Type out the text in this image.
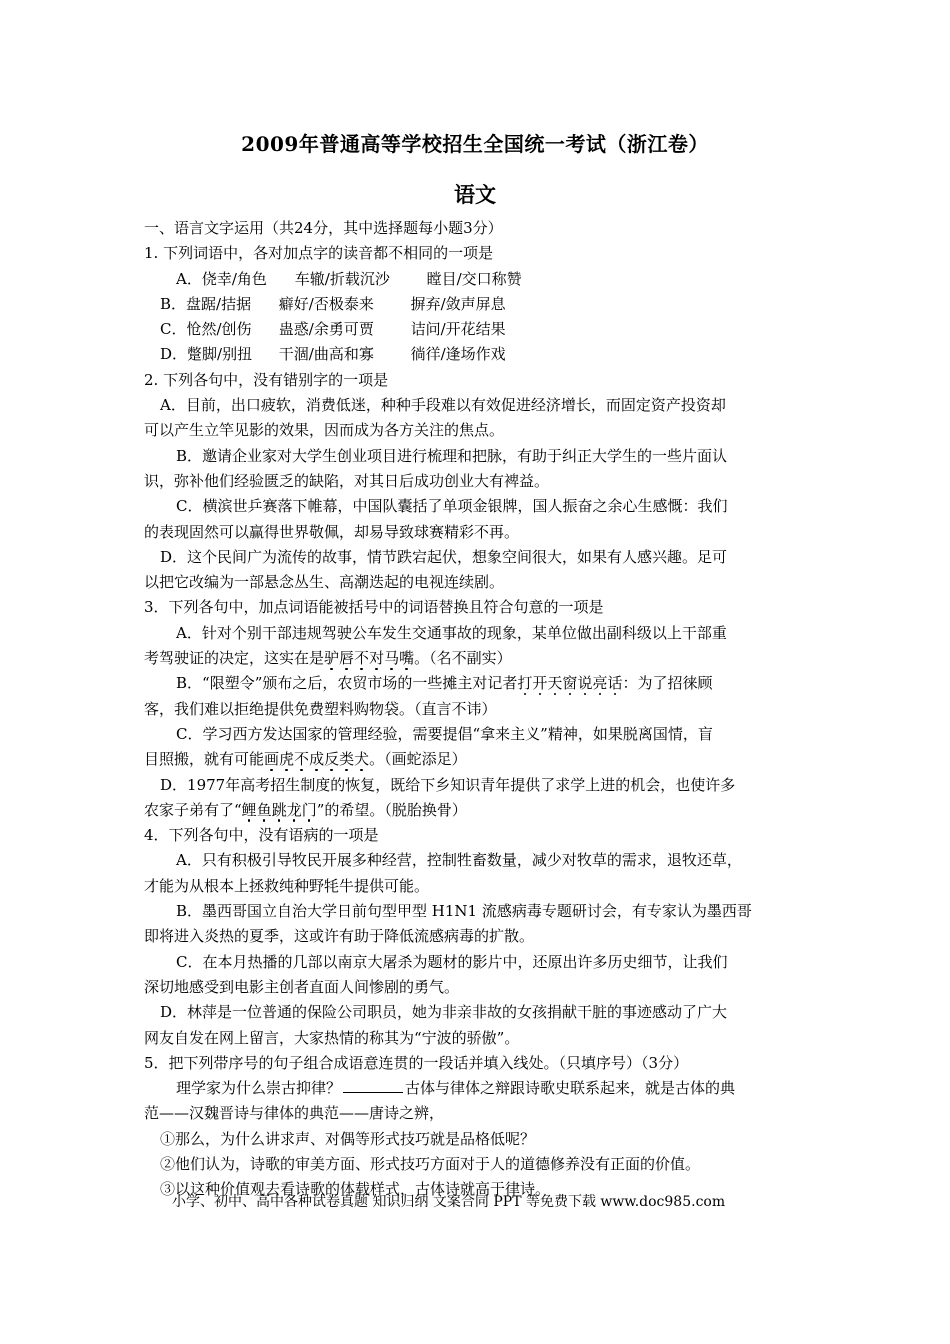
2009年普通高等学校招生全国统一考试（浙江卷）
语文
一、语言文字运用（共24分，其中选择题每小题3分）
1. 下列词语中，各对加点字的读音都不相同的一项是
A．侥幸/角色 车辙/折载沉沙 瞠目/交口称赞
B．盘踞/拮据 癖好/否极泰来 摒弃/敛声屏息
C．怆然/创伤 蛊惑/余勇可贾 诘问/开花结果
D．蹩脚/别扭 干涸/曲高和寡 徜徉/逢场作戏
2. 下列各句中，没有错别字的一项是
A．目前，出口疲软，消费低迷，种种手段难以有效促进经济增长，而固定资产投资却
可以产生立竿见影的效果，因而成为各方关注的焦点。
B．邀请企业家对大学生创业项目进行梳理和把脉，有助于纠正大学生的一些片面认
识，弥补他们经验匮乏的缺陷，对其日后成功创业大有裨益。
C．横滨世乒赛落下帷幕，中国队囊括了单项金银牌，国人振奋之余心生感慨：我们
的表现固然可以赢得世界敬佩，却易导致球赛精彩不再。
D．这个民间广为流传的故事，情节跌宕起伏，想象空间很大，如果有人感兴趣。足可
以把它改编为一部悬念丛生、高潮迭起的电视连续剧。
3．下列各句中，加点词语能被括号中的词语替换且符合句意的一项是
A．针对个别干部违规驾驶公车发生交通事故的现象，某单位做出副科级以上干部重
考驾驶证的决定，这实在是驴唇不对马嘴。（名不副实）
B．“限塑令”颁布之后，农贸市场的一些摊主对记者打开天窗说亮话：为了招徕顾
客，我们难以拒绝提供免费塑料购物袋。（直言不讳）
C．学习西方发达国家的管理经验，需要提倡“拿来主义”精神，如果脱离国情，盲
目照搬，就有可能画虎不成反类犬。（画蛇添足）
D．1977年高考招生制度的恢复，既给下乡知识青年提供了求学上进的机会，也使许多
农家子弟有了“鲤鱼跳龙门”的希望。（脱胎换骨）
4．下列各句中，没有语病的一项是
A．只有积极引导牧民开展多种经营，控制牲畜数量，减少对牧草的需求，退牧还草，
才能为从根本上拯救纯种野牦牛提供可能。
B．墨西哥国立自治大学日前句型甲型 H1N1 流感病毒专题研讨会，有专家认为墨西哥
即将进入炎热的夏季，这或许有助于降低流感病毒的扩散。
C．在本月热播的几部以南京大屠杀为题材的影片中，还原出许多历史细节，让我们
深切地感受到电影主创者直面人间惨剧的勇气。
D．林萍是一位普通的保险公司职员，她为非亲非故的女孩捐献干脏的事迹感动了广大
网友自发在网上留言，大家热情的称其为“宁波的骄傲”。
5．把下列带序号的句子组合成语意连贯的一段话并填入线处。（只填序号）（3分）
理学家为什么崇古抑律？	古体与律体之辩跟诗歌史联系起来，就是古体的典
范——汉魏晋诗与律体的典范——唐诗之辨，
①那么，为什么讲求声、对偶等形式技巧就是品格低呢？
②他们认为，诗歌的审美方面、形式技巧方面对于人的道德修养没有正面的价值。
③以这种价值观去看诗歌的体载样式，古体诗就高于律诗。
小学、初中、高中各种试卷真题 知识归纳 文案合同 PPT 等免费下载 www.doc985.com
